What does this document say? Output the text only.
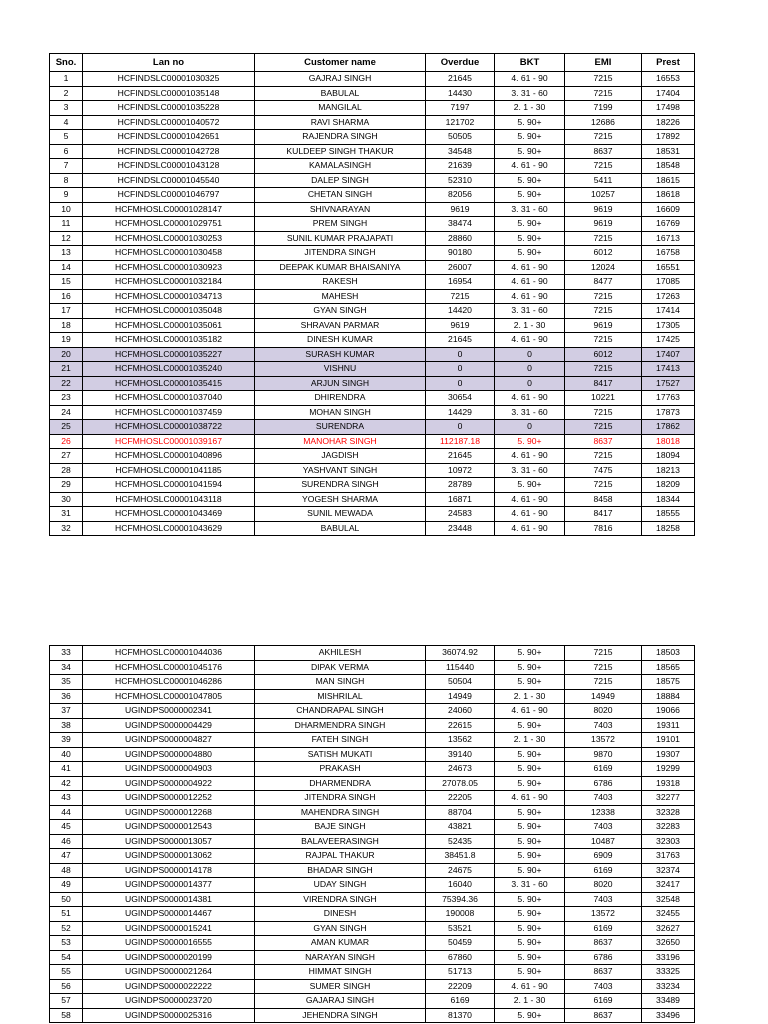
Sno.	Lan no	Customer name	Overdue	BKT	EMI	Prest
1	HCFINDSLC00001030325	GAJRAJ SINGH	21645	4. 61 - 90	7215	16553
2	HCFINDSLC00001035148	BABULAL	14430	3. 31 - 60	7215	17404
3	HCFINDSLC00001035228	MANGILAL	7197	2. 1 - 30	7199	17498
4	HCFINDSLC00001040572	RAVI SHARMA	121702	5. 90+	12686	18226
5	HCFINDSLC00001042651	RAJENDRA SINGH	50505	5. 90+	7215	17892
6	HCFINDSLC00001042728	KULDEEP SINGH THAKUR	34548	5. 90+	8637	18531
7	HCFINDSLC00001043128	KAMALASINGH	21639	4. 61 - 90	7215	18548
8	HCFINDSLC00001045540	DALEP SINGH	52310	5. 90+	5411	18615
9	HCFINDSLC00001046797	CHETAN SINGH	82056	5. 90+	10257	18618
10	HCFMHOSLC00001028147	SHIVNARAYAN	9619	3. 31 - 60	9619	16609
11	HCFMHOSLC00001029751	PREM SINGH	38474	5. 90+	9619	16769
12	HCFMHOSLC00001030253	SUNIL KUMAR PRAJAPATI	28860	5. 90+	7215	16713
13	HCFMHOSLC00001030458	JITENDRA SINGH	90180	5. 90+	6012	16758
14	HCFMHOSLC00001030923	DEEPAK KUMAR BHAISANIYA	26007	4. 61 - 90	12024	16551
15	HCFMHOSLC00001032184	RAKESH	16954	4. 61 - 90	8477	17085
16	HCFMHOSLC00001034713	MAHESH	7215	4. 61 - 90	7215	17263
17	HCFMHOSLC00001035048	GYAN SINGH	14420	3. 31 - 60	7215	17414
18	HCFMHOSLC00001035061	SHRAVAN PARMAR	9619	2. 1 - 30	9619	17305
19	HCFMHOSLC00001035182	DINESH KUMAR	21645	4. 61 - 90	7215	17425
20	HCFMHOSLC00001035227	SURASH KUMAR	0	0	6012	17407
21	HCFMHOSLC00001035240	VISHNU	0	0	7215	17413
22	HCFMHOSLC00001035415	ARJUN SINGH	0	0	8417	17527
23	HCFMHOSLC00001037040	DHIRENDRA	30654	4. 61 - 90	10221	17763
24	HCFMHOSLC00001037459	MOHAN SINGH	14429	3. 31 - 60	7215	17873
25	HCFMHOSLC00001038722	SURENDRA	0	0	7215	17862
26	HCFMHOSLC00001039167	MANOHAR SINGH	112187.18	5. 90+	8637	18018
27	HCFMHOSLC00001040896	JAGDISH	21645	4. 61 - 90	7215	18094
28	HCFMHOSLC00001041185	YASHVANT SINGH	10972	3. 31 - 60	7475	18213
29	HCFMHOSLC00001041594	SURENDRA SINGH	28789	5. 90+	7215	18209
30	HCFMHOSLC00001043118	YOGESH SHARMA	16871	4. 61 - 90	8458	18344
31	HCFMHOSLC00001043469	SUNIL MEWADA	24583	4. 61 - 90	8417	18555
32	HCFMHOSLC00001043629	BABULAL	23448	4. 61 - 90	7816	18258
33	HCFMHOSLC00001044036	AKHILESH	36074.92	5. 90+	7215	18503
34	HCFMHOSLC00001045176	DIPAK VERMA	115440	5. 90+	7215	18565
35	HCFMHOSLC00001046286	MAN SINGH	50504	5. 90+	7215	18575
36	HCFMHOSLC00001047805	MISHRILAL	14949	2. 1 - 30	14949	18884
37	UGINDPS0000002341	CHANDRAPAL SINGH	24060	4. 61 - 90	8020	19066
38	UGINDPS0000004429	DHARMENDRA SINGH	22615	5. 90+	7403	19311
39	UGINDPS0000004827	FATEH SINGH	13562	2. 1 - 30	13572	19101
40	UGINDPS0000004880	SATISH MUKATI	39140	5. 90+	9870	19307
41	UGINDPS0000004903	PRAKASH	24673	5. 90+	6169	19299
42	UGINDPS0000004922	DHARMENDRA	27078.05	5. 90+	6786	19318
43	UGINDPS0000012252	JITENDRA SINGH	22205	4. 61 - 90	7403	32277
44	UGINDPS0000012268	MAHENDRA SINGH	88704	5. 90+	12338	32328
45	UGINDPS0000012543	BAJE SINGH	43821	5. 90+	7403	32283
46	UGINDPS0000013057	BALAVEERASINGH	52435	5. 90+	10487	32303
47	UGINDPS0000013062	RAJPAL THAKUR	38451.8	5. 90+	6909	31763
48	UGINDPS0000014178	BHADAR SINGH	24675	5. 90+	6169	32374
49	UGINDPS0000014377	UDAY SINGH	16040	3. 31 - 60	8020	32417
50	UGINDPS0000014381	VIRENDRA SINGH	75394.36	5. 90+	7403	32548
51	UGINDPS0000014467	DINESH	190008	5. 90+	13572	32455
52	UGINDPS0000015241	GYAN SINGH	53521	5. 90+	6169	32627
53	UGINDPS0000016555	AMAN KUMAR	50459	5. 90+	8637	32650
54	UGINDPS0000020199	NARAYAN SINGH	67860	5. 90+	6786	33196
55	UGINDPS0000021264	HIMMAT SINGH	51713	5. 90+	8637	33325
56	UGINDPS0000022222	SUMER SINGH	22209	4. 61 - 90	7403	33234
57	UGINDPS0000023720	GAJARAJ SINGH	6169	2. 1 - 30	6169	33489
58	UGINDPS0000025316	JEHENDRA SINGH	81370	5. 90+	8637	33496
